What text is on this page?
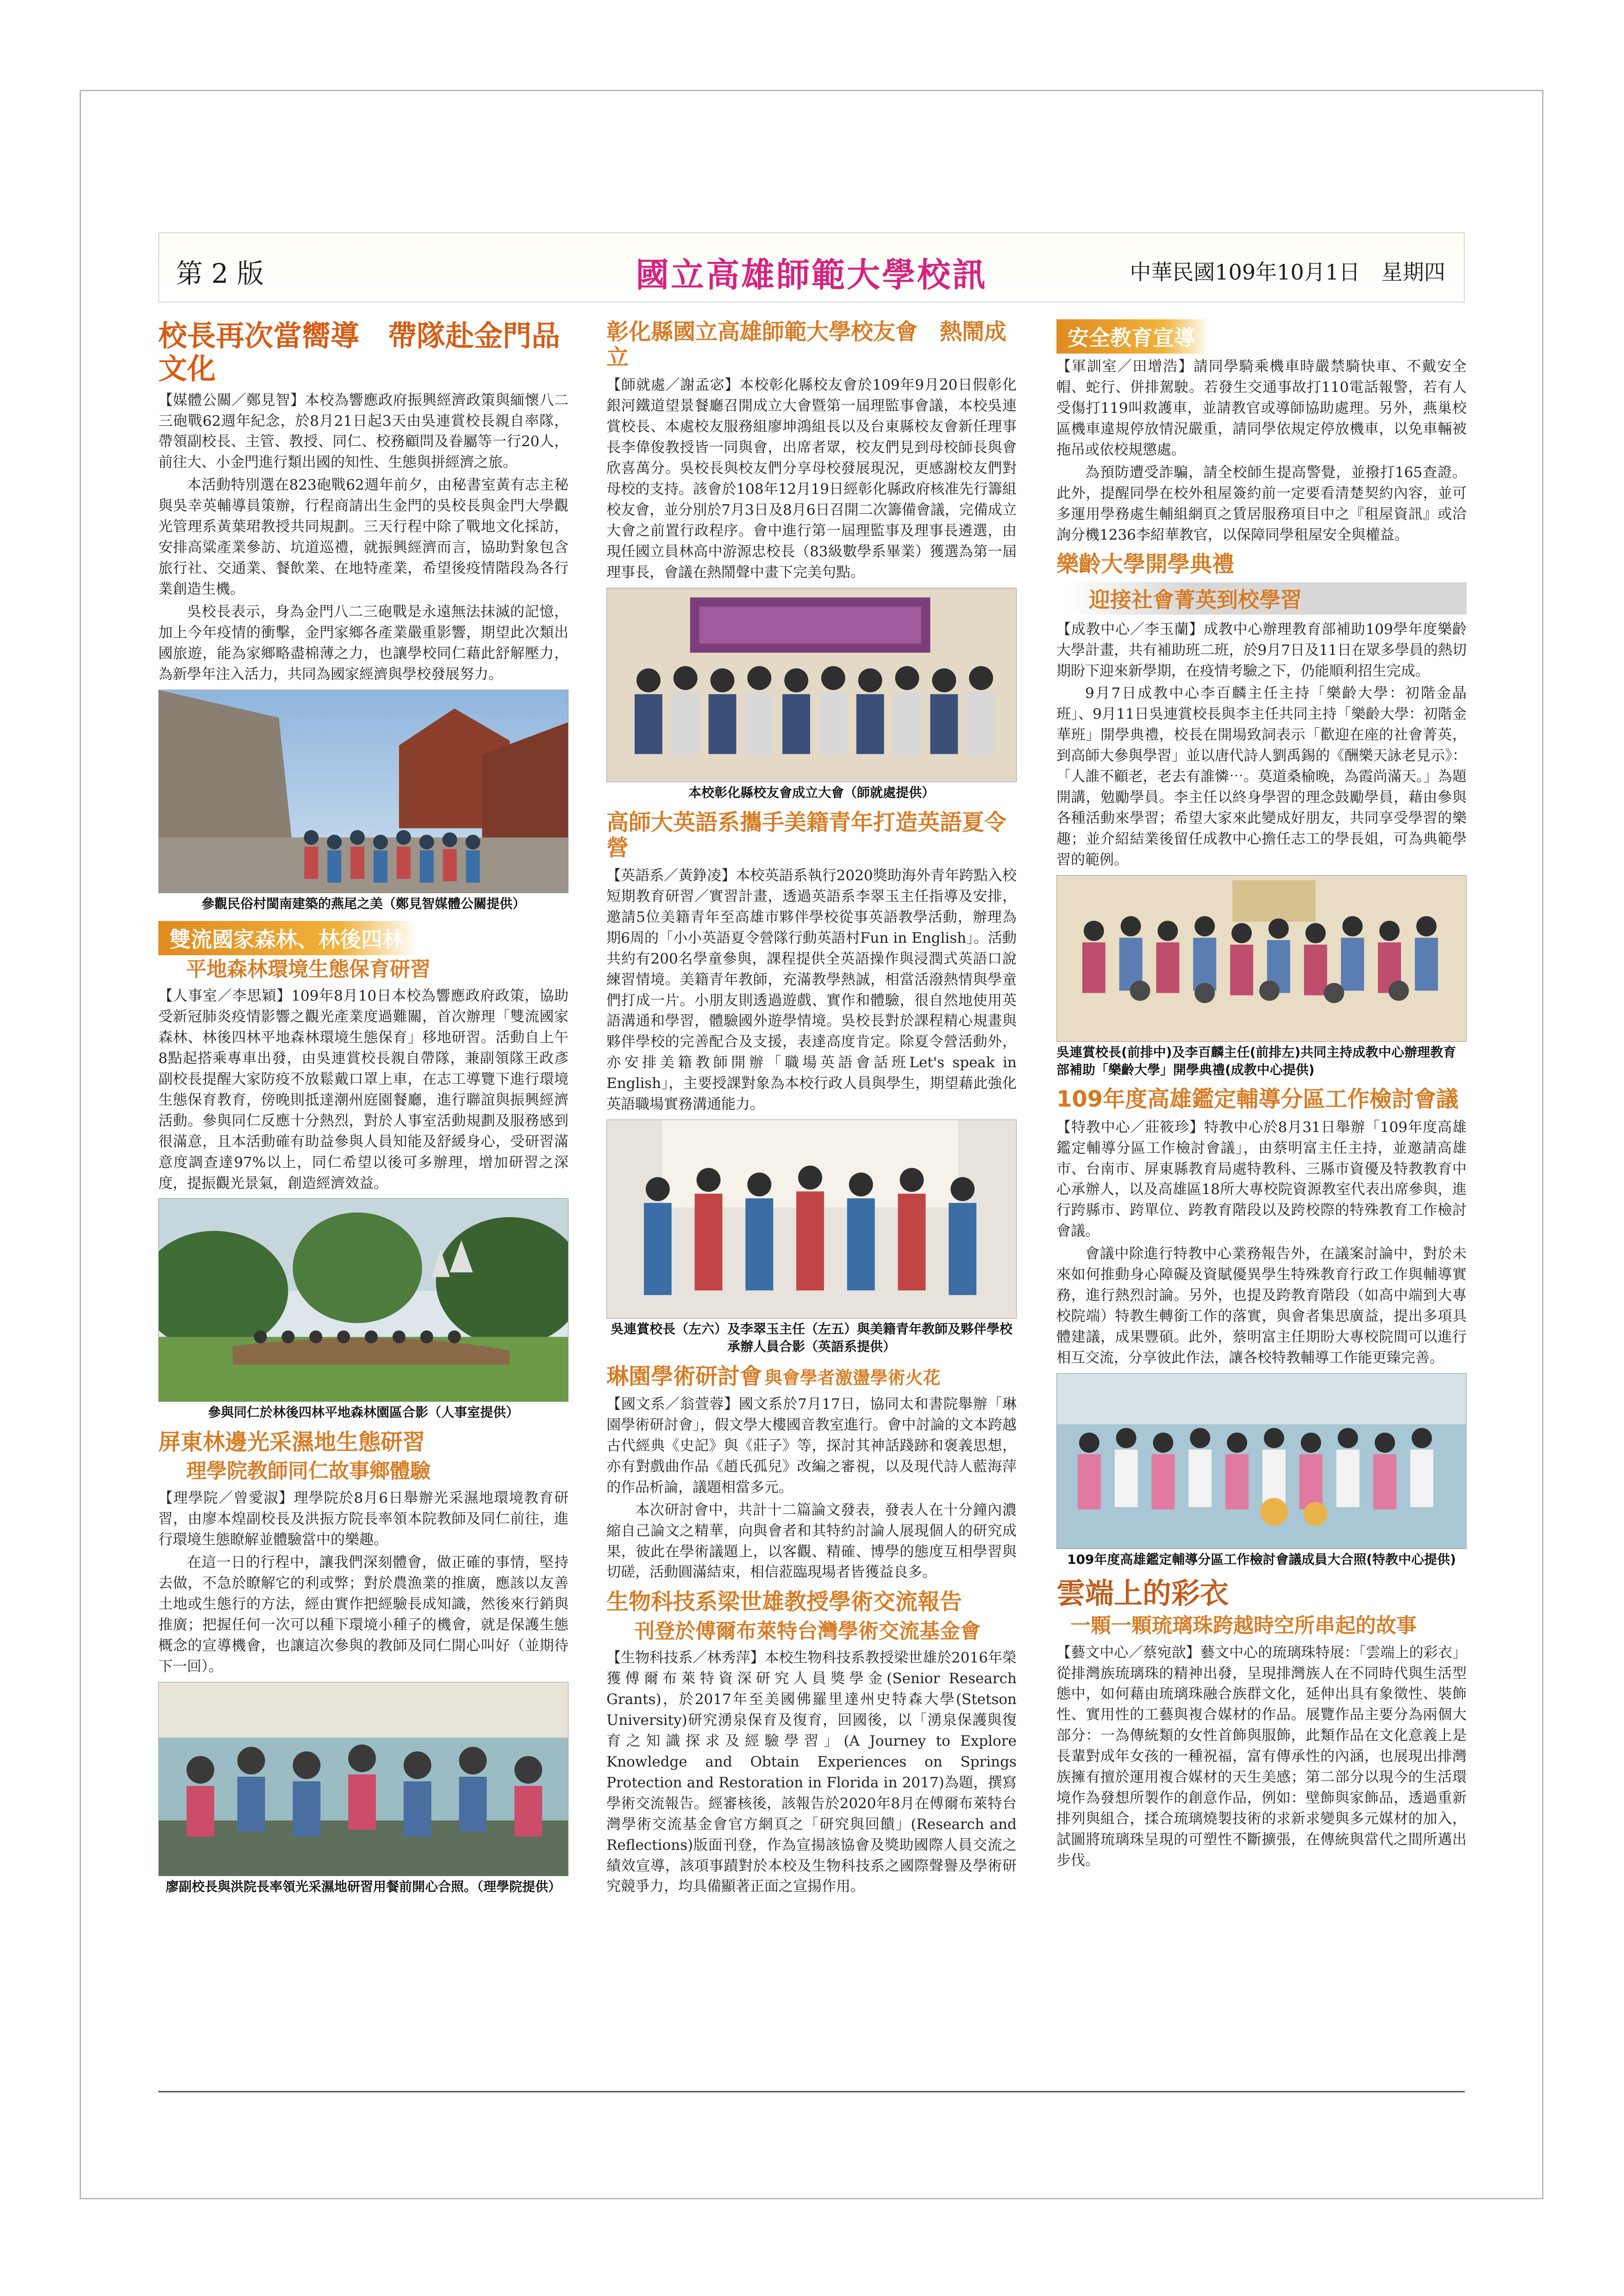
第 2 版	國立高雄師範大學校訊	中華民國109年10月1日　星期四
校長再次當嚮導　帶隊赴金門品文化

【媒體公關／鄭見智】本校為響應政府振興經濟政策與緬懷八二三砲戰62週年紀念，於8月21日起3天由吳連賞校長親自率隊，帶領副校長、主管、教授、同仁、校務顧問及眷屬等一行20人，前往大、小金門進行類出國的知性、生態與拼經濟之旅。

本活動特別選在823砲戰62週年前夕，由秘書室黃有志主秘與吳幸英輔導員策辦，行程商請出生金門的吳校長與金門大學觀光管理系黃葉珺教授共同規劃。三天行程中除了戰地文化採訪，安排高粱產業參訪、坑道巡禮，就振興經濟而言，協助對象包含旅行社、交通業、餐飲業、在地特產業，希望後疫情階段為各行業創造生機。

吳校長表示，身為金門八二三砲戰是永遠無法抹滅的記憶，加上今年疫情的衝擊，金門家鄉各產業嚴重影響，期望此次類出國旅遊，能為家鄉略盡棉薄之力，也讓學校同仁藉此舒解壓力，為新學年注入活力，共同為國家經濟與學校發展努力。

參觀民俗村閩南建築的燕尾之美（鄭見智媒體公關提供）
雙流國家森林、林後四林
平地森林環境生態保育研習

【人事室／李思穎】109年8月10日本校為響應政府政策，協助受新冠肺炎疫情影響之觀光產業度過難關，首次辦理「雙流國家森林、林後四林平地森林環境生態保育」移地研習。活動自上午8點起搭乘專車出發，由吳連賞校長親自帶隊，兼副領隊王政彥副校長提醒大家防疫不放鬆戴口罩上車，在志工導覽下進行環境生態保育教育，傍晚則抵達潮州庭園餐廳，進行聯誼與振興經濟活動。參與同仁反應十分熱烈，對於人事室活動規劃及服務感到很滿意，且本活動確有助益參與人員知能及舒緩身心，受研習滿意度調查達97%以上，同仁希望以後可多辦理，增加研習之深度，提振觀光景氣，創造經濟效益。

參與同仁於林後四林平地森林園區合影（人事室提供）
屏東林邊光采濕地生態研習
理學院教師同仁故事鄉體驗

【理學院／曾愛淑】理學院於8月6日舉辦光采濕地環境教育研習，由廖本煌副校長及洪振方院長率領本院教師及同仁前往，進行環境生態瞭解並體驗當中的樂趣。

在這一日的行程中，讓我們深刻體會，做正確的事情，堅持去做，不急於瞭解它的利或弊；對於農漁業的推廣，應該以友善土地或生態行的方法，經由實作把經驗長成知識，然後來行銷與推廣；把握任何一次可以種下環境小種子的機會，就是保護生態概念的宣導機會，也讓這次參與的教師及同仁開心叫好（並期待下一回）。

廖副校長與洪院長率領光采濕地研習用餐前開心合照。（理學院提供）
彰化縣國立高雄師範大學校友會　熱鬧成立

【師就處／謝孟宓】本校彰化縣校友會於109年9月20日假彰化銀河鐵道望景餐廳召開成立大會暨第一屆理監事會議，本校吳連賞校長、本處校友服務組廖坤鴻組長以及台東縣校友會新任理事長李偉俊教授皆一同與會，出席者眾，校友們見到母校師長與會欣喜萬分。吳校長與校友們分享母校發展現況，更感謝校友們對母校的支持。該會於108年12月19日經彰化縣政府核准先行籌組校友會，並分別於7月3日及8月6日召開二次籌備會議，完備成立大會之前置行政程序。會中進行第一屆理監事及理事長遴選，由現任國立員林高中游源忠校長（83級數學系畢業）獲選為第一屆理事長，會議在熱鬧聲中畫下完美句點。

本校彰化縣校友會成立大會（師就處提供）
高師大英語系攜手美籍青年打造英語夏令營

【英語系／黃錚凌】本校英語系執行2020獎助海外青年跨點入校短期教育研習／實習計畫，透過英語系李翠玉主任指導及安排，邀請5位美籍青年至高雄市夥伴學校從事英語教學活動，辦理為期6周的「小小英語夏令營隊行動英語村Fun in English」。活動共約有200名學童參與，課程提供全英語操作與浸潤式英語口說練習情境。美籍青年教師，充滿教學熱誠，相當活潑熱情與學童們打成一片。小朋友則透過遊戲、實作和體驗，很自然地使用英語溝通和學習，體驗國外遊學情境。吳校長對於課程精心規畫與夥伴學校的完善配合及支援，表達高度肯定。除夏令營活動外，亦安排美籍教師開辦「職場英語會話班Let's speak in English」，主要授課對象為本校行政人員與學生，期望藉此強化英語職場實務溝通能力。

吳連賞校長（左六）及李翠玉主任（左五）與美籍青年教師及夥伴學校承辦人員合影（英語系提供）
琳園學術研討會 與會學者激盪學術火花

【國文系／翁萱蓉】國文系於7月17日，協同太和書院舉辦「琳園學術研討會」，假文學大樓國音教室進行。會中討論的文本跨越古代經典《史記》與《莊子》等，探討其神話踐跡和褒義思想，亦有對戲曲作品《趙氏孤兒》改編之審視，以及現代詩人藍海萍的作品析論，議題相當多元。

本次研討會中，共計十二篇論文發表，發表人在十分鐘內濃縮自己論文之精華，向與會者和其特約討論人展現個人的研究成果，彼此在學術議題上，以客觀、精確、博學的態度互相學習與切磋，活動圓滿結束，相信蒞臨現場者皆獲益良多。

生物科技系梁世雄教授學術交流報告
刊登於傅爾布萊特台灣學術交流基金會

【生物科技系／林秀萍】本校生物科技系教授梁世雄於2016年榮獲傅爾布萊特資深研究人員獎學金(Senior Research Grants)，於2017年至美國佛羅里達州史特森大學(Stetson University)研究湧泉保育及復育，回國後，以「湧泉保護與復育之知識探求及經驗學習」(A Journey to Explore Knowledge and Obtain Experiences on Springs Protection and Restoration in Florida in 2017)為題，撰寫學術交流報告。經審核後，該報告於2020年8月在傅爾布萊特台灣學術交流基金會官方網頁之「研究與回饋」(Research and Reflections)版面刊登，作為宣揚該協會及獎助國際人員交流之績效宣導，該項事蹟對於本校及生物科技系之國際聲譽及學術研究競爭力，均具備顯著正面之宣揚作用。

安全教育宣導

【軍訓室／田增浩】請同學騎乘機車時嚴禁騎快車、不戴安全帽、蛇行、併排駕駛。若發生交通事故打110電話報警，若有人受傷打119叫救護車，並請教官或導師協助處理。另外，燕巢校區機車違規停放情況嚴重，請同學依規定停放機車，以免車輛被拖吊或依校規懲處。

為預防遭受詐騙，請全校師生提高警覺，並撥打165查證。此外，提醒同學在校外租屋簽約前一定要看清楚契約內容，並可多運用學務處生輔組網頁之賃居服務項目中之『租屋資訊』或洽詢分機1236李紹華教官，以保障同學租屋安全與權益。

樂齡大學開學典禮
迎接社會菁英到校學習

【成教中心／李玉蘭】成教中心辦理教育部補助109學年度樂齡大學計畫，共有補助班二班，於9月7日及11日在眾多學員的熱切期盼下迎來新學期，在疫情考驗之下，仍能順利招生完成。

9月7日成教中心李百麟主任主持「樂齡大學：初階金晶班」、9月11日吳連賞校長與李主任共同主持「樂齡大學：初階金華班」開學典禮，校長在開場致詞表示「歡迎在座的社會菁英，到高師大參與學習」並以唐代詩人劉禹錫的《酬樂天詠老見示》：「人誰不顧老，老去有誰憐⋯。莫道桑榆晚，為霞尚滿天。」為題開講，勉勵學員。李主任以終身學習的理念鼓勵學員，藉由參與各種活動來學習；希望大家來此變成好朋友，共同享受學習的樂趣；並介紹結業後留任成教中心擔任志工的學長姐，可為典範學習的範例。

吳連賞校長(前排中)及李百麟主任(前排左)共同主持成教中心辦理教育部補助「樂齡大學」開學典禮(成教中心提供)
109年度高雄鑑定輔導分區工作檢討會議

【特教中心／莊筱珍】特教中心於8月31日舉辦「109年度高雄鑑定輔導分區工作檢討會議」，由蔡明富主任主持，並邀請高雄市、台南市、屏東縣教育局處特教科、三縣市資優及特教教育中心承辦人，以及高雄區18所大專校院資源教室代表出席參與，進行跨縣市、跨單位、跨教育階段以及跨校際的特殊教育工作檢討會議。

會議中除進行特教中心業務報告外，在議案討論中，對於未來如何推動身心障礙及資賦優異學生特殊教育行政工作與輔導實務，進行熱烈討論。另外，也提及跨教育階段（如高中端到大專校院端）特教生轉銜工作的落實，與會者集思廣益，提出多項具體建議，成果豐碩。此外，蔡明富主任期盼大專校院間可以進行相互交流，分享彼此作法，讓各校特教輔導工作能更臻完善。

109年度高雄鑑定輔導分區工作檢討會議成員大合照(特教中心提供)
雲端上的彩衣
一顆一顆琉璃珠跨越時空所串起的故事

【藝文中心／蔡宛歆】藝文中心的琉璃珠特展：「雲端上的彩衣」從排灣族琉璃珠的精神出發，呈現排灣族人在不同時代與生活型態中，如何藉由琉璃珠融合族群文化，延伸出具有象徵性、裝飾性、實用性的工藝與複合媒材的作品。展覽作品主要分為兩個大部分：一為傳統類的女性首飾與服飾，此類作品在文化意義上是長輩對成年女孩的一種祝福，富有傳承性的內涵，也展現出排灣族擁有擅於運用複合媒材的天生美感；第二部分以現今的生活環境作為發想所製作的創意作品，例如：壁飾與家飾品，透過重新排列與組合，揉合琉璃燒製技術的求新求變與多元媒材的加入，試圖將琉璃珠呈現的可塑性不斷擴張，在傳統與當代之間所邁出步伐。
